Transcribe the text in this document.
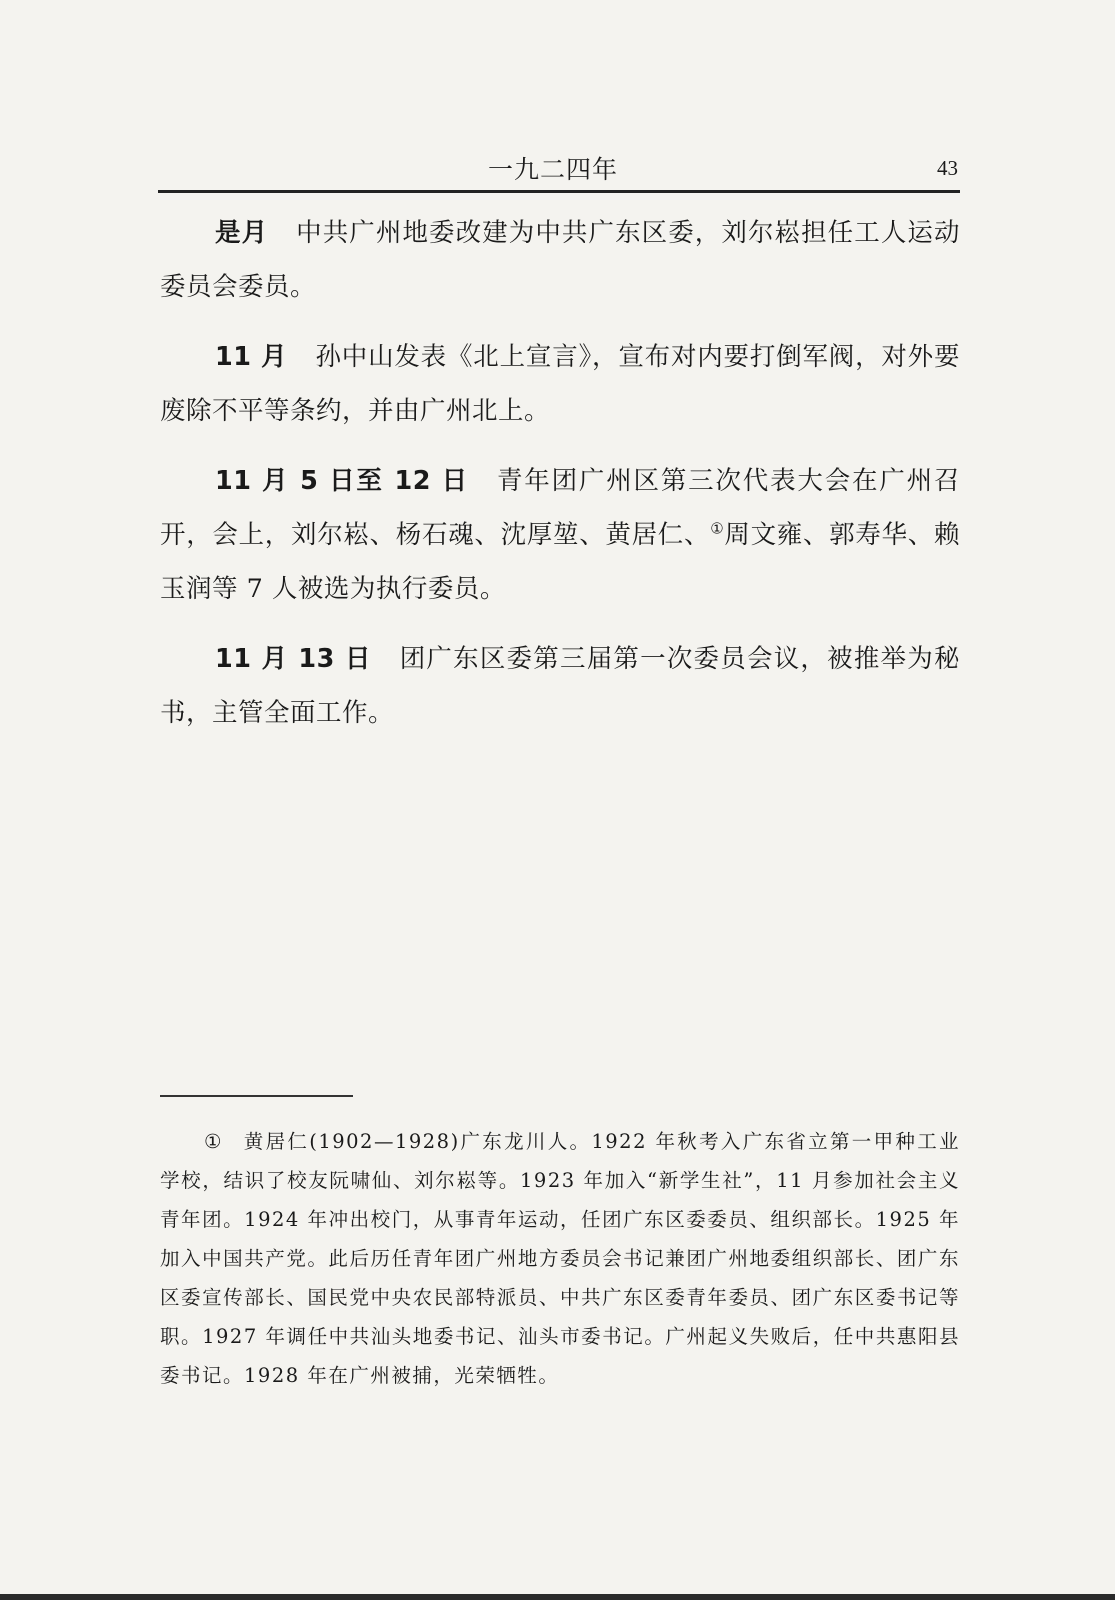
一九二四年	43

是月 中共广州地委改建为中共广东区委，刘尔崧担任工人运动委员会委员。

11 月 孙中山发表《北上宣言》，宣布对内要打倒军阀，对外要废除不平等条约，并由广州北上。

11 月 5 日至 12 日 青年团广州区第三次代表大会在广州召开，会上，刘尔崧、杨石魂、沈厚堃、黄居仁、①周文雍、郭寿华、赖玉润等 7 人被选为执行委员。

11 月 13 日 团广东区委第三届第一次委员会议，被推举为秘书，主管全面工作。

① 黄居仁(1902—1928)广东龙川人。1922 年秋考入广东省立第一甲种工业学校，结识了校友阮啸仙、刘尔崧等。1923 年加入“新学生社”，11 月参加社会主义青年团。1924 年冲出校门，从事青年运动，任团广东区委委员、组织部长。1925 年加入中国共产党。此后历任青年团广州地方委员会书记兼团广州地委组织部长、团广东区委宣传部长、国民党中央农民部特派员、中共广东区委青年委员、团广东区委书记等职。1927 年调任中共汕头地委书记、汕头市委书记。广州起义失败后，任中共惠阳县委书记。1928 年在广州被捕，光荣牺牲。
